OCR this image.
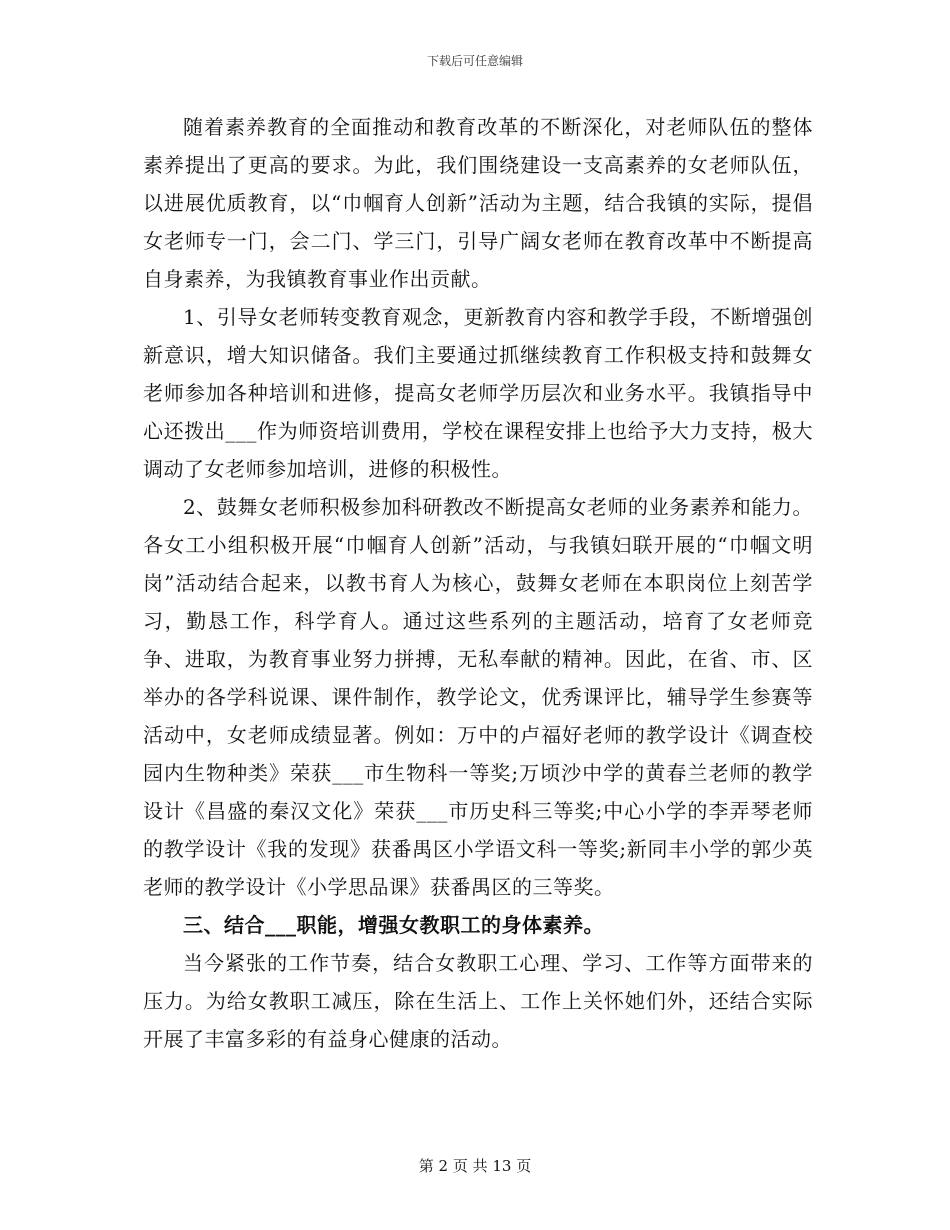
下载后可任意编辑

随着素养教育的全面推动和教育改革的不断深化，对老师队伍的整体素养提出了更高的要求。为此，我们围绕建设一支高素养的女老师队伍，以进展优质教育，以“巾帼育人创新”活动为主题，结合我镇的实际，提倡女老师专一门，会二门、学三门，引导广阔女老师在教育改革中不断提高自身素养，为我镇教育事业作出贡献。

1、引导女老师转变教育观念，更新教育内容和教学手段，不断增强创新意识，增大知识储备。我们主要通过抓继续教育工作积极支持和鼓舞女老师参加各种培训和进修，提高女老师学历层次和业务水平。我镇指导中心还拨出___作为师资培训费用，学校在课程安排上也给予大力支持，极大调动了女老师参加培训，进修的积极性。

2、鼓舞女老师积极参加科研教改不断提高女老师的业务素养和能力。各女工小组积极开展“巾帼育人创新”活动，与我镇妇联开展的“巾帼文明岗”活动结合起来，以教书育人为核心，鼓舞女老师在本职岗位上刻苦学习，勤恳工作，科学育人。通过这些系列的主题活动，培育了女老师竞争、进取，为教育事业努力拼搏，无私奉献的精神。因此，在省、市、区举办的各学科说课、课件制作，教学论文，优秀课评比，辅导学生参赛等活动中，女老师成绩显著。例如：万中的卢福好老师的教学设计《调查校园内生物种类》荣获___市生物科一等奖;万顷沙中学的黄春兰老师的教学设计《昌盛的秦汉文化》荣获___市历史科三等奖;中心小学的李弄琴老师的教学设计《我的发现》获番禺区小学语文科一等奖;新同丰小学的郭少英老师的教学设计《小学思品课》获番禺区的三等奖。

三、结合___职能，增强女教职工的身体素养。

当今紧张的工作节奏，结合女教职工心理、学习、工作等方面带来的压力。为给女教职工减压，除在生活上、工作上关怀她们外，还结合实际开展了丰富多彩的有益身心健康的活动。

第 2 页 共 13 页
